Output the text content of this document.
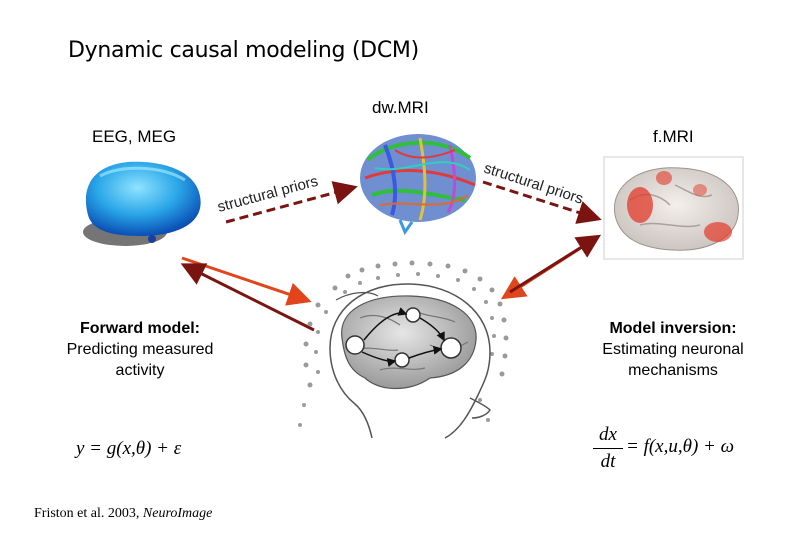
Dynamic causal modeling (DCM)
dw.MRI
EEG, MEG	f.MRI
structural priors	structural priors
Forward model:
Predicting measured
activity
Model inversion:
Estimating neuronal
mechanisms
y = g(x,θ) + ε
dx
dt
= f(x,u,θ) + ω
Friston et al. 2003, NeuroImage
